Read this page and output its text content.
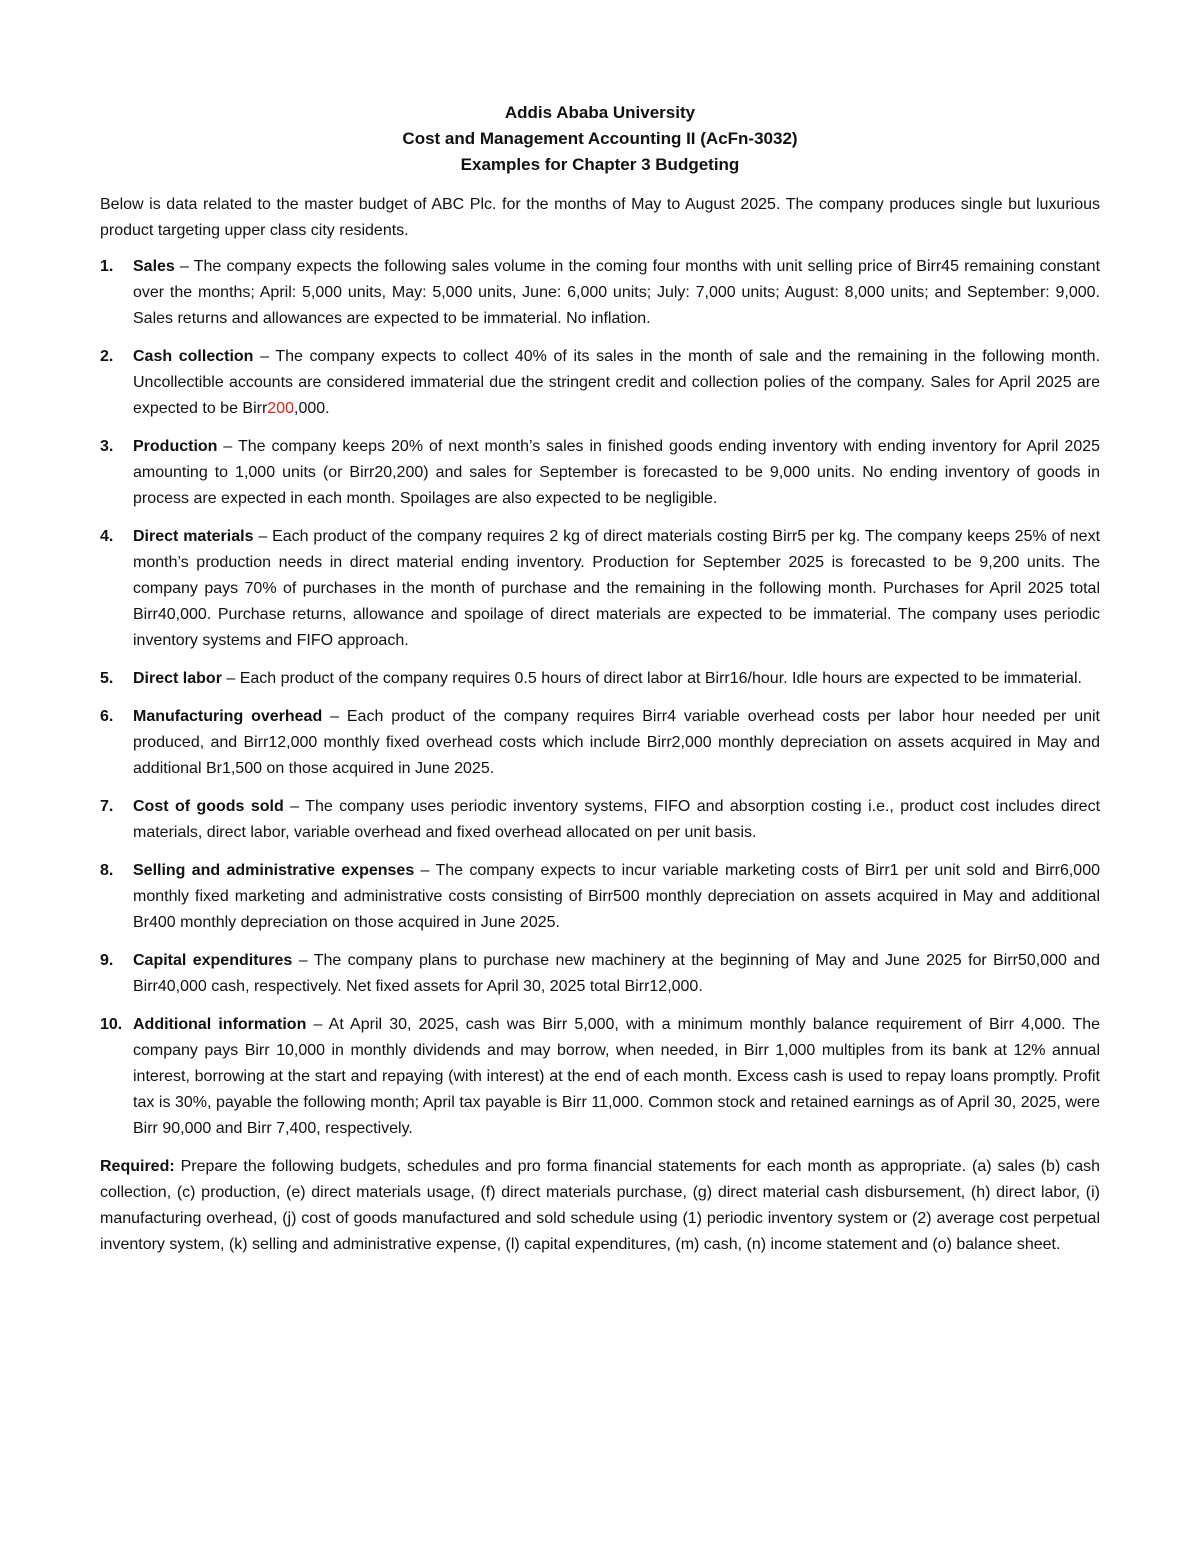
Addis Ababa University
Cost and Management Accounting II (AcFn-3032)
Examples for Chapter 3 Budgeting

Below is data related to the master budget of ABC Plc. for the months of May to August 2025. The company produces single but luxurious product targeting upper class city residents.

1. Sales – The company expects the following sales volume in the coming four months with unit selling price of Birr45 remaining constant over the months; April: 5,000 units, May: 5,000 units, June: 6,000 units; July: 7,000 units; August: 8,000 units; and September: 9,000. Sales returns and allowances are expected to be immaterial. No inflation.
2. Cash collection – The company expects to collect 40% of its sales in the month of sale and the remaining in the following month. Uncollectible accounts are considered immaterial due the stringent credit and collection polies of the company. Sales for April 2025 are expected to be Birr200,000.
3. Production – The company keeps 20% of next month’s sales in finished goods ending inventory with ending inventory for April 2025 amounting to 1,000 units (or Birr20,200) and sales for September is forecasted to be 9,000 units. No ending inventory of goods in process are expected in each month. Spoilages are also expected to be negligible.
4. Direct materials – Each product of the company requires 2 kg of direct materials costing Birr5 per kg. The company keeps 25% of next month’s production needs in direct material ending inventory. Production for September 2025 is forecasted to be 9,200 units. The company pays 70% of purchases in the month of purchase and the remaining in the following month. Purchases for April 2025 total Birr40,000. Purchase returns, allowance and spoilage of direct materials are expected to be immaterial. The company uses periodic inventory systems and FIFO approach.
5. Direct labor – Each product of the company requires 0.5 hours of direct labor at Birr16/hour. Idle hours are expected to be immaterial.
6. Manufacturing overhead – Each product of the company requires Birr4 variable overhead costs per labor hour needed per unit produced, and Birr12,000 monthly fixed overhead costs which include Birr2,000 monthly depreciation on assets acquired in May and additional Br1,500 on those acquired in June 2025.
7. Cost of goods sold – The company uses periodic inventory systems, FIFO and absorption costing i.e., product cost includes direct materials, direct labor, variable overhead and fixed overhead allocated on per unit basis.
8. Selling and administrative expenses – The company expects to incur variable marketing costs of Birr1 per unit sold and Birr6,000 monthly fixed marketing and administrative costs consisting of Birr500 monthly depreciation on assets acquired in May and additional Br400 monthly depreciation on those acquired in June 2025.
9. Capital expenditures – The company plans to purchase new machinery at the beginning of May and June 2025 for Birr50,000 and Birr40,000 cash, respectively. Net fixed assets for April 30, 2025 total Birr12,000.
10. Additional information – At April 30, 2025, cash was Birr 5,000, with a minimum monthly balance requirement of Birr 4,000. The company pays Birr 10,000 in monthly dividends and may borrow, when needed, in Birr 1,000 multiples from its bank at 12% annual interest, borrowing at the start and repaying (with interest) at the end of each month. Excess cash is used to repay loans promptly. Profit tax is 30%, payable the following month; April tax payable is Birr 11,000. Common stock and retained earnings as of April 30, 2025, were Birr 90,000 and Birr 7,400, respectively.

Required: Prepare the following budgets, schedules and pro forma financial statements for each month as appropriate. (a) sales (b) cash collection, (c) production, (e) direct materials usage, (f) direct materials purchase, (g) direct material cash disbursement, (h) direct labor, (i) manufacturing overhead, (j) cost of goods manufactured and sold schedule using (1) periodic inventory system or (2) average cost perpetual inventory system, (k) selling and administrative expense, (l) capital expenditures, (m) cash, (n) income statement and (o) balance sheet.
